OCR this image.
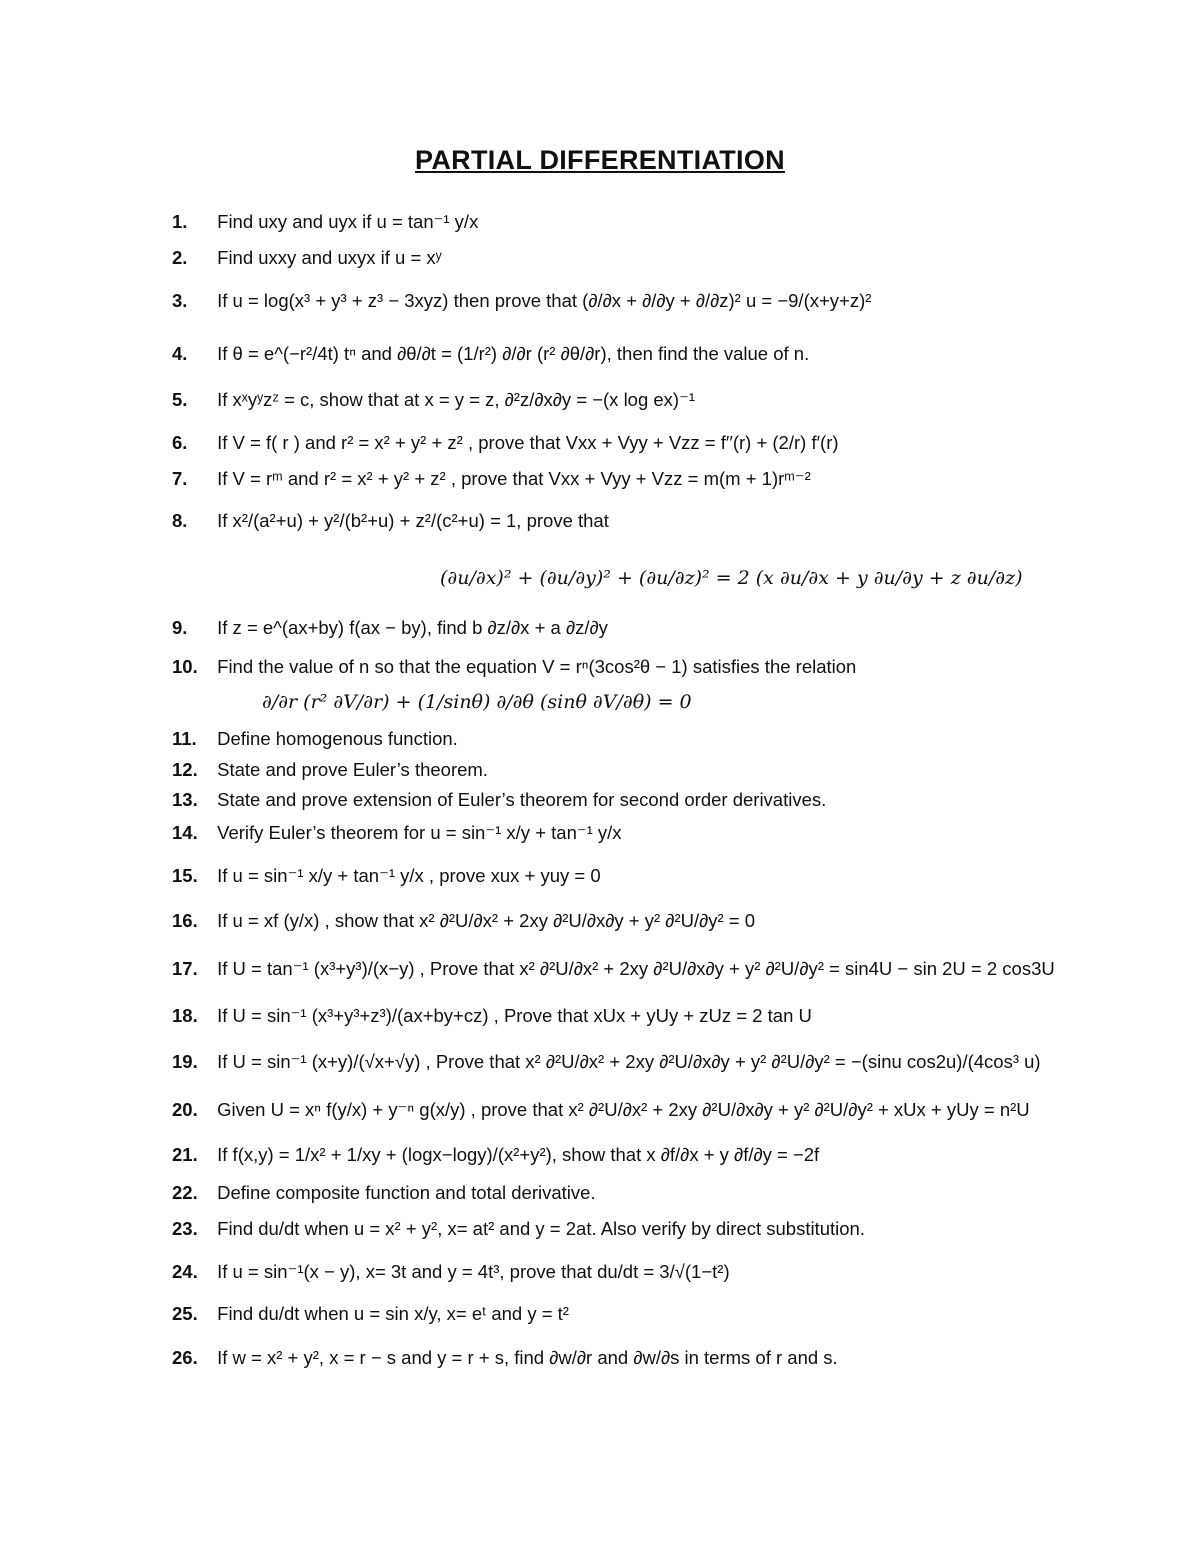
PARTIAL DIFFERENTIATION
1. Find uxy and uyx if u = tan⁻¹ y/x
2. Find uxxy and uxyx if u = xʸ
3. If u = log(x³ + y³ + z³ − 3xyz) then prove that (∂/∂x + ∂/∂y + ∂/∂z)² u = −9/(x+y+z)²
4. If θ = e^(−r²/4t) tⁿ and ∂θ/∂t = (1/r²) ∂/∂r (r² ∂θ/∂r), then find the value of n.
5. If xˣyʸzᶻ = c, show that at x = y = z, ∂²z/∂x∂y = −(x log ex)⁻¹
6. If V = f( r ) and r² = x² + y² + z² , prove that Vxx + Vyy + Vzz = f′′(r) + (2/r) f′(r)
7. If V = rᵐ and r² = x² + y² + z² , prove that Vxx + Vyy + Vzz = m(m + 1)rᵐ⁻²
8. If x²/(a²+u) + y²/(b²+u) + z²/(c²+u) = 1, prove that
(∂u/∂x)² + (∂u/∂y)² + (∂u/∂z)² = 2 (x ∂u/∂x + y ∂u/∂y + z ∂u/∂z)
9. If z = e^(ax+by) f(ax − by), find b ∂z/∂x + a ∂z/∂y
10. Find the value of n so that the equation V = rⁿ(3cos²θ − 1) satisfies the relation
∂/∂r (r² ∂V/∂r) + (1/sinθ) ∂/∂θ (sinθ ∂V/∂θ) = 0
11. Define homogenous function.
12. State and prove Euler’s theorem.
13. State and prove extension of Euler’s theorem for second order derivatives.
14. Verify Euler’s theorem for u = sin⁻¹ x/y + tan⁻¹ y/x
15. If u = sin⁻¹ x/y + tan⁻¹ y/x , prove xux + yuy = 0
16. If u = xf (y/x) , show that x² ∂²U/∂x² + 2xy ∂²U/∂x∂y + y² ∂²U/∂y² = 0
17. If U = tan⁻¹ (x³+y³)/(x−y) , Prove that x² ∂²U/∂x² + 2xy ∂²U/∂x∂y + y² ∂²U/∂y² = sin4U − sin 2U = 2 cos3U
18. If U = sin⁻¹ (x³+y³+z³)/(ax+by+cz) , Prove that xUx + yUy + zUz = 2 tan U
19. If U = sin⁻¹ (x+y)/(√x+√y) , Prove that x² ∂²U/∂x² + 2xy ∂²U/∂x∂y + y² ∂²U/∂y² = −(sinu cos2u)/(4cos³ u)
20. Given U = xⁿ f(y/x) + y⁻ⁿ g(x/y) , prove that x² ∂²U/∂x² + 2xy ∂²U/∂x∂y + y² ∂²U/∂y² + xUx + yUy = n²U
21. If f(x,y) = 1/x² + 1/xy + (logx−logy)/(x²+y²), show that x ∂f/∂x + y ∂f/∂y = −2f
22. Define composite function and total derivative.
23. Find du/dt when u = x² + y², x= at² and y = 2at. Also verify by direct substitution.
24. If u = sin⁻¹(x − y), x= 3t and y = 4t³, prove that du/dt = 3/√(1−t²)
25. Find du/dt when u = sin x/y, x= eᵗ and y = t²
26. If w = x² + y², x = r − s and y = r + s, find ∂w/∂r and ∂w/∂s in terms of r and s.
